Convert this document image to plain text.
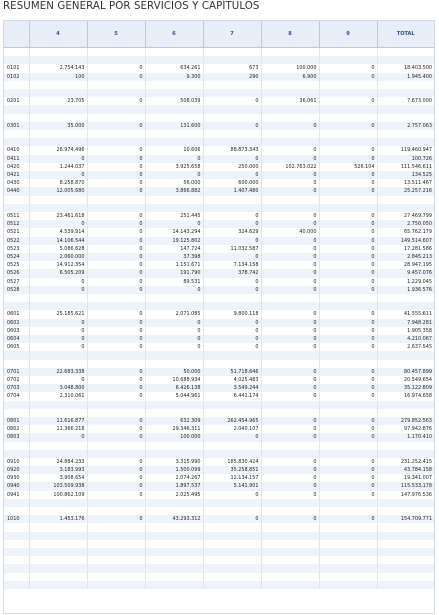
RESUMEN GENERAL POR SERVICIOS Y CAPÍTULOS
	4	5	6	7	8	9	TOTAL

0101	2.754.143	0	634.261	673	100.000	0	18.403.500
0102	100	0	9.300	290	6.900	0	1.945.400

0201	23.705	0	508.039	0	36.061	0	7.673.000

0301	35.000	0	131.600	0	0	0	2.757.063

0410	26.974.496	0	10.606	88.873.343	0	0	119.460.947
0411	0	0	0	0	0	0	100.726
0420	1.244.037	0	3.925.658	250.000	102.763.022	526.104	111.546.611
0421	0	0	0	0	0	0	134.525
0430	8.258.870	0	56.000	600.000	0	0	13.511.467
0440	12.005.680	0	3.866.882	1.407.480	0	0	25.257.216

0511	23.461.618	0	251.445	0	0	0	27.469.799
0512	0	0	0	0	0	0	2.750.050
0521	4.539.914	0	14.143.294	324.629	40.000	0	65.762.179
0522	14.106.544	0	19.125.802	0	0	0	149.514.607
0523	5.086.628	0	147.724	11.032.587	0	0	17.281.586
0524	2.060.000	0	37.398	0	0	0	2.845.213
0525	14.912.354	0	1.151.671	7.134.158	0	0	28.947.195
0526	6.505.209	0	191.790	378.742	0	0	9.457.076
0527	0	0	89.531	0	0	0	1.229.045
0528	0	0	0	0	0	0	1.936.576

0601	25.185.621	0	2.071.085	9.800.118	0	0	41.555.611
0602	0	0	0	0	0	0	7.948.281
0603	0	0	0	0	0	0	1.905.358
0604	0	0	0	0	0	0	4.210.067
0605	0	0	0	0	0	0	2.637.545

0701	22.683.338	0	50.000	51.718.646	0	0	80.457.899
0702	0	0	10.688.934	4.025.483	0	0	20.549.654
0703	3.048.800	0	6.426.138	3.549.244	0	0	35.122.809
0704	2.310.061	0	5.044.961	6.441.174	0	0	16.974.658

0801	11.616.877	0	632.309	262.454.965	0	0	279.852.563
0802	11.366.218	0	29.346.311	2.040.107	0	0	97.942.876
0803	0	0	100.000	0	0	0	1.170.410

0910	24.884.233	0	3.315.990	185.830.424	0	0	231.252.415
0920	3.183.993	0	1.500.099	35.258.851	0	0	43.784.158
0930	3.908.654	0	2.074.267	12.134.157	0	0	19.341.007
0940	103.509.938	0	1.897.537	5.141.901	0	0	115.533.178
0941	100.862.109	0	2.025.495	0	0	0	147.976.536

1010	1.453.176	0	43.293.312	0	0	0	154.709.771
